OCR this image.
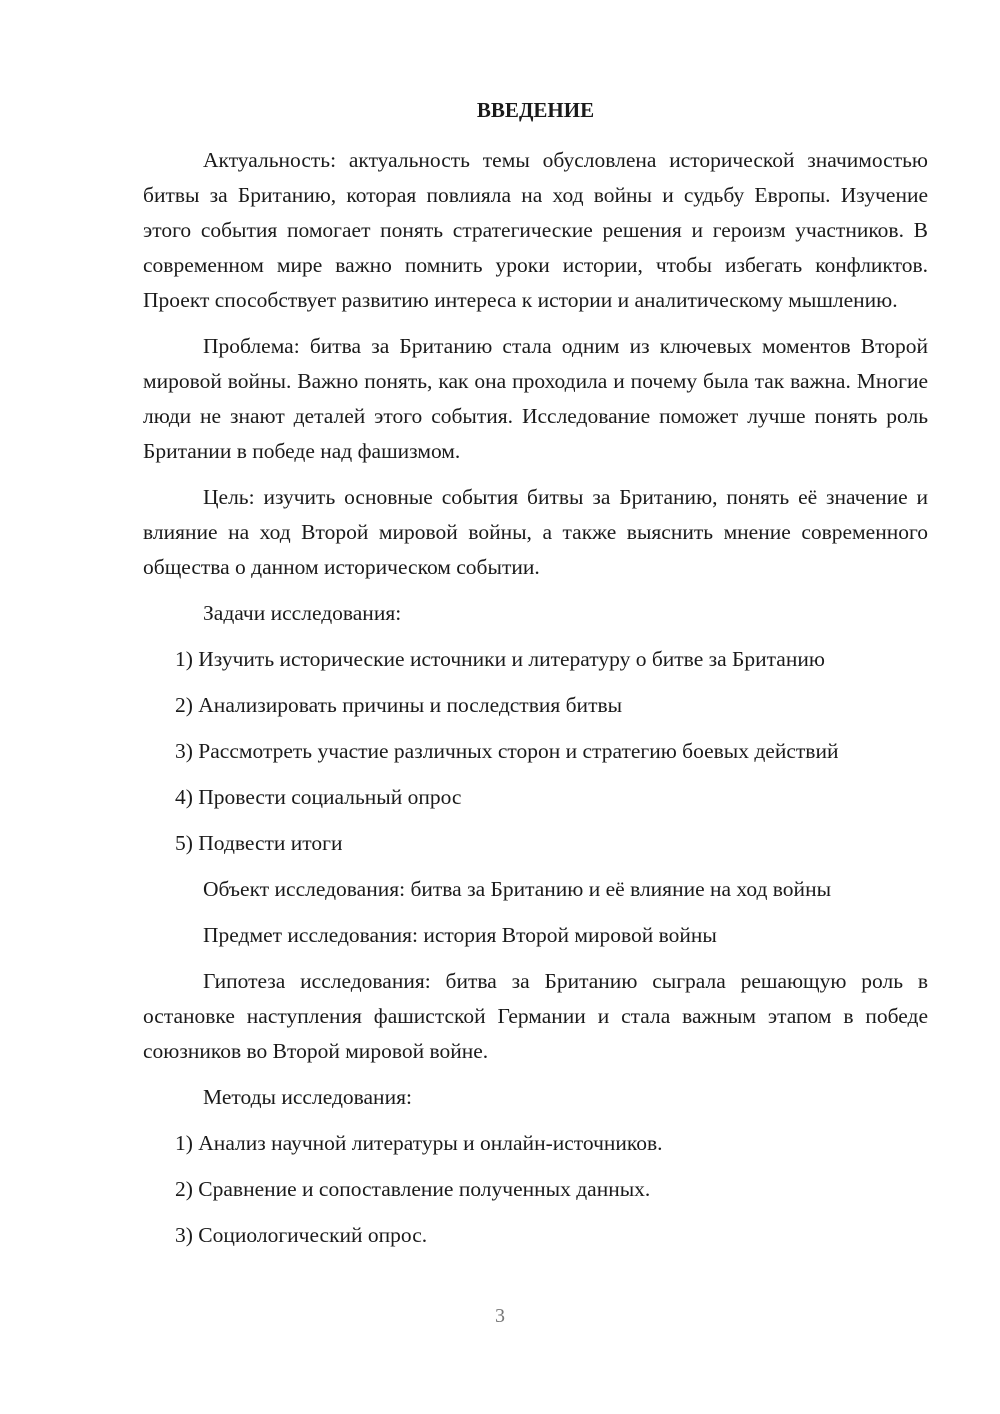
ВВЕДЕНИЕ

Актуальность: актуальность темы обусловлена исторической значимостью битвы за Британию, которая повлияла на ход войны и судьбу Европы. Изучение этого события помогает понять стратегические решения и героизм участников. В современном мире важно помнить уроки истории, чтобы избегать конфликтов. Проект способствует развитию интереса к истории и аналитическому мышлению.

Проблема: битва за Британию стала одним из ключевых моментов Второй мировой войны. Важно понять, как она проходила и почему была так важна. Многие люди не знают деталей этого события. Исследование поможет лучше понять роль Британии в победе над фашизмом.

Цель: изучить основные события битвы за Британию, понять её значение и влияние на ход Второй мировой войны, а также выяснить мнение современного общества о данном историческом событии.

Задачи исследования:

1) Изучить исторические источники и литературу о битве за Британию

2) Анализировать причины и последствия битвы

3) Рассмотреть участие различных сторон и стратегию боевых действий

4) Провести социальный опрос

5) Подвести итоги

Объект исследования: битва за Британию и её влияние на ход войны

Предмет исследования: история Второй мировой войны

Гипотеза исследования: битва за Британию сыграла решающую роль в остановке наступления фашистской Германии и стала важным этапом в победе союзников во Второй мировой войне.

Методы исследования:

1) Анализ научной литературы и онлайн-источников.

2) Сравнение и сопоставление полученных данных.

3) Социологический опрос.

3
